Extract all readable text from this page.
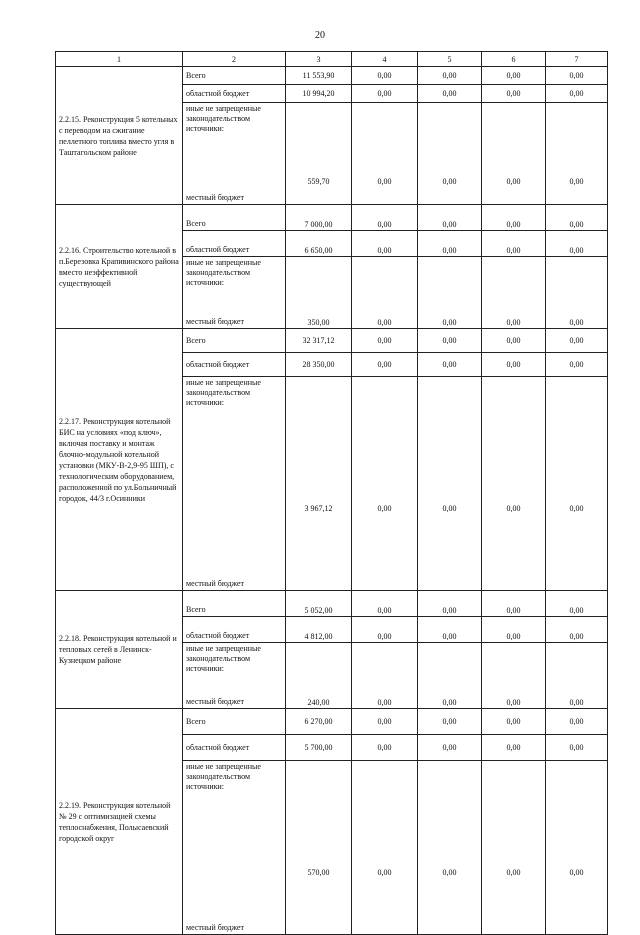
20
1	2	3	4	5	6	7
2.2.15. Реконструкция 5 котельных с переводом на сжигание пеллетного топлива вместо угля в Таштагольском районе	Всего	11 553,90	0,00	0,00	0,00	0,00
	областной бюджет	10 994,20	0,00	0,00	0,00	0,00
	иные не запрещенные законодательством источники:					
	местный бюджет	559,70	0,00	0,00	0,00	0,00
2.2.16. Строительство котельной в п.Березовка Крапивинского района вместо неэффективной существующей	Всего	7 000,00	0,00	0,00	0,00	0,00
	областной бюджет	6 650,00	0,00	0,00	0,00	0,00
	иные не запрещенные законодательством источники:					
	местный бюджет	350,00	0,00	0,00	0,00	0,00
2.2.17. Реконструкция котельной БИС на условиях «под ключ», включая поставку и монтаж блочно-модульной котельной установки (МКУ-В-2,9-95 ШП), с технологическим оборудованием, расположенной по ул.Больничный городок, 44/3 г.Осинники	Всего	32 317,12	0,00	0,00	0,00	0,00
	областной бюджет	28 350,00	0,00	0,00	0,00	0,00
	иные не запрещенные законодательством источники:					
	местный бюджет	3 967,12	0,00	0,00	0,00	0,00
2.2.18. Реконструкция котельной и тепловых сетей в Ленинск-Кузнецком районе	Всего	5 052,00	0,00	0,00	0,00	0,00
	областной бюджет	4 812,00	0,00	0,00	0,00	0,00
	иные не запрещенные законодательством источники:					
	местный бюджет	240,00	0,00	0,00	0,00	0,00
2.2.19. Реконструкция котельной № 29 с оптимизацией схемы теплоснабжения, Полысаевский городской округ	Всего	6 270,00	0,00	0,00	0,00	0,00
	областной бюджет	5 700,00	0,00	0,00	0,00	0,00
	иные не запрещенные законодательством источники:					
	местный бюджет	570,00	0,00	0,00	0,00	0,00
